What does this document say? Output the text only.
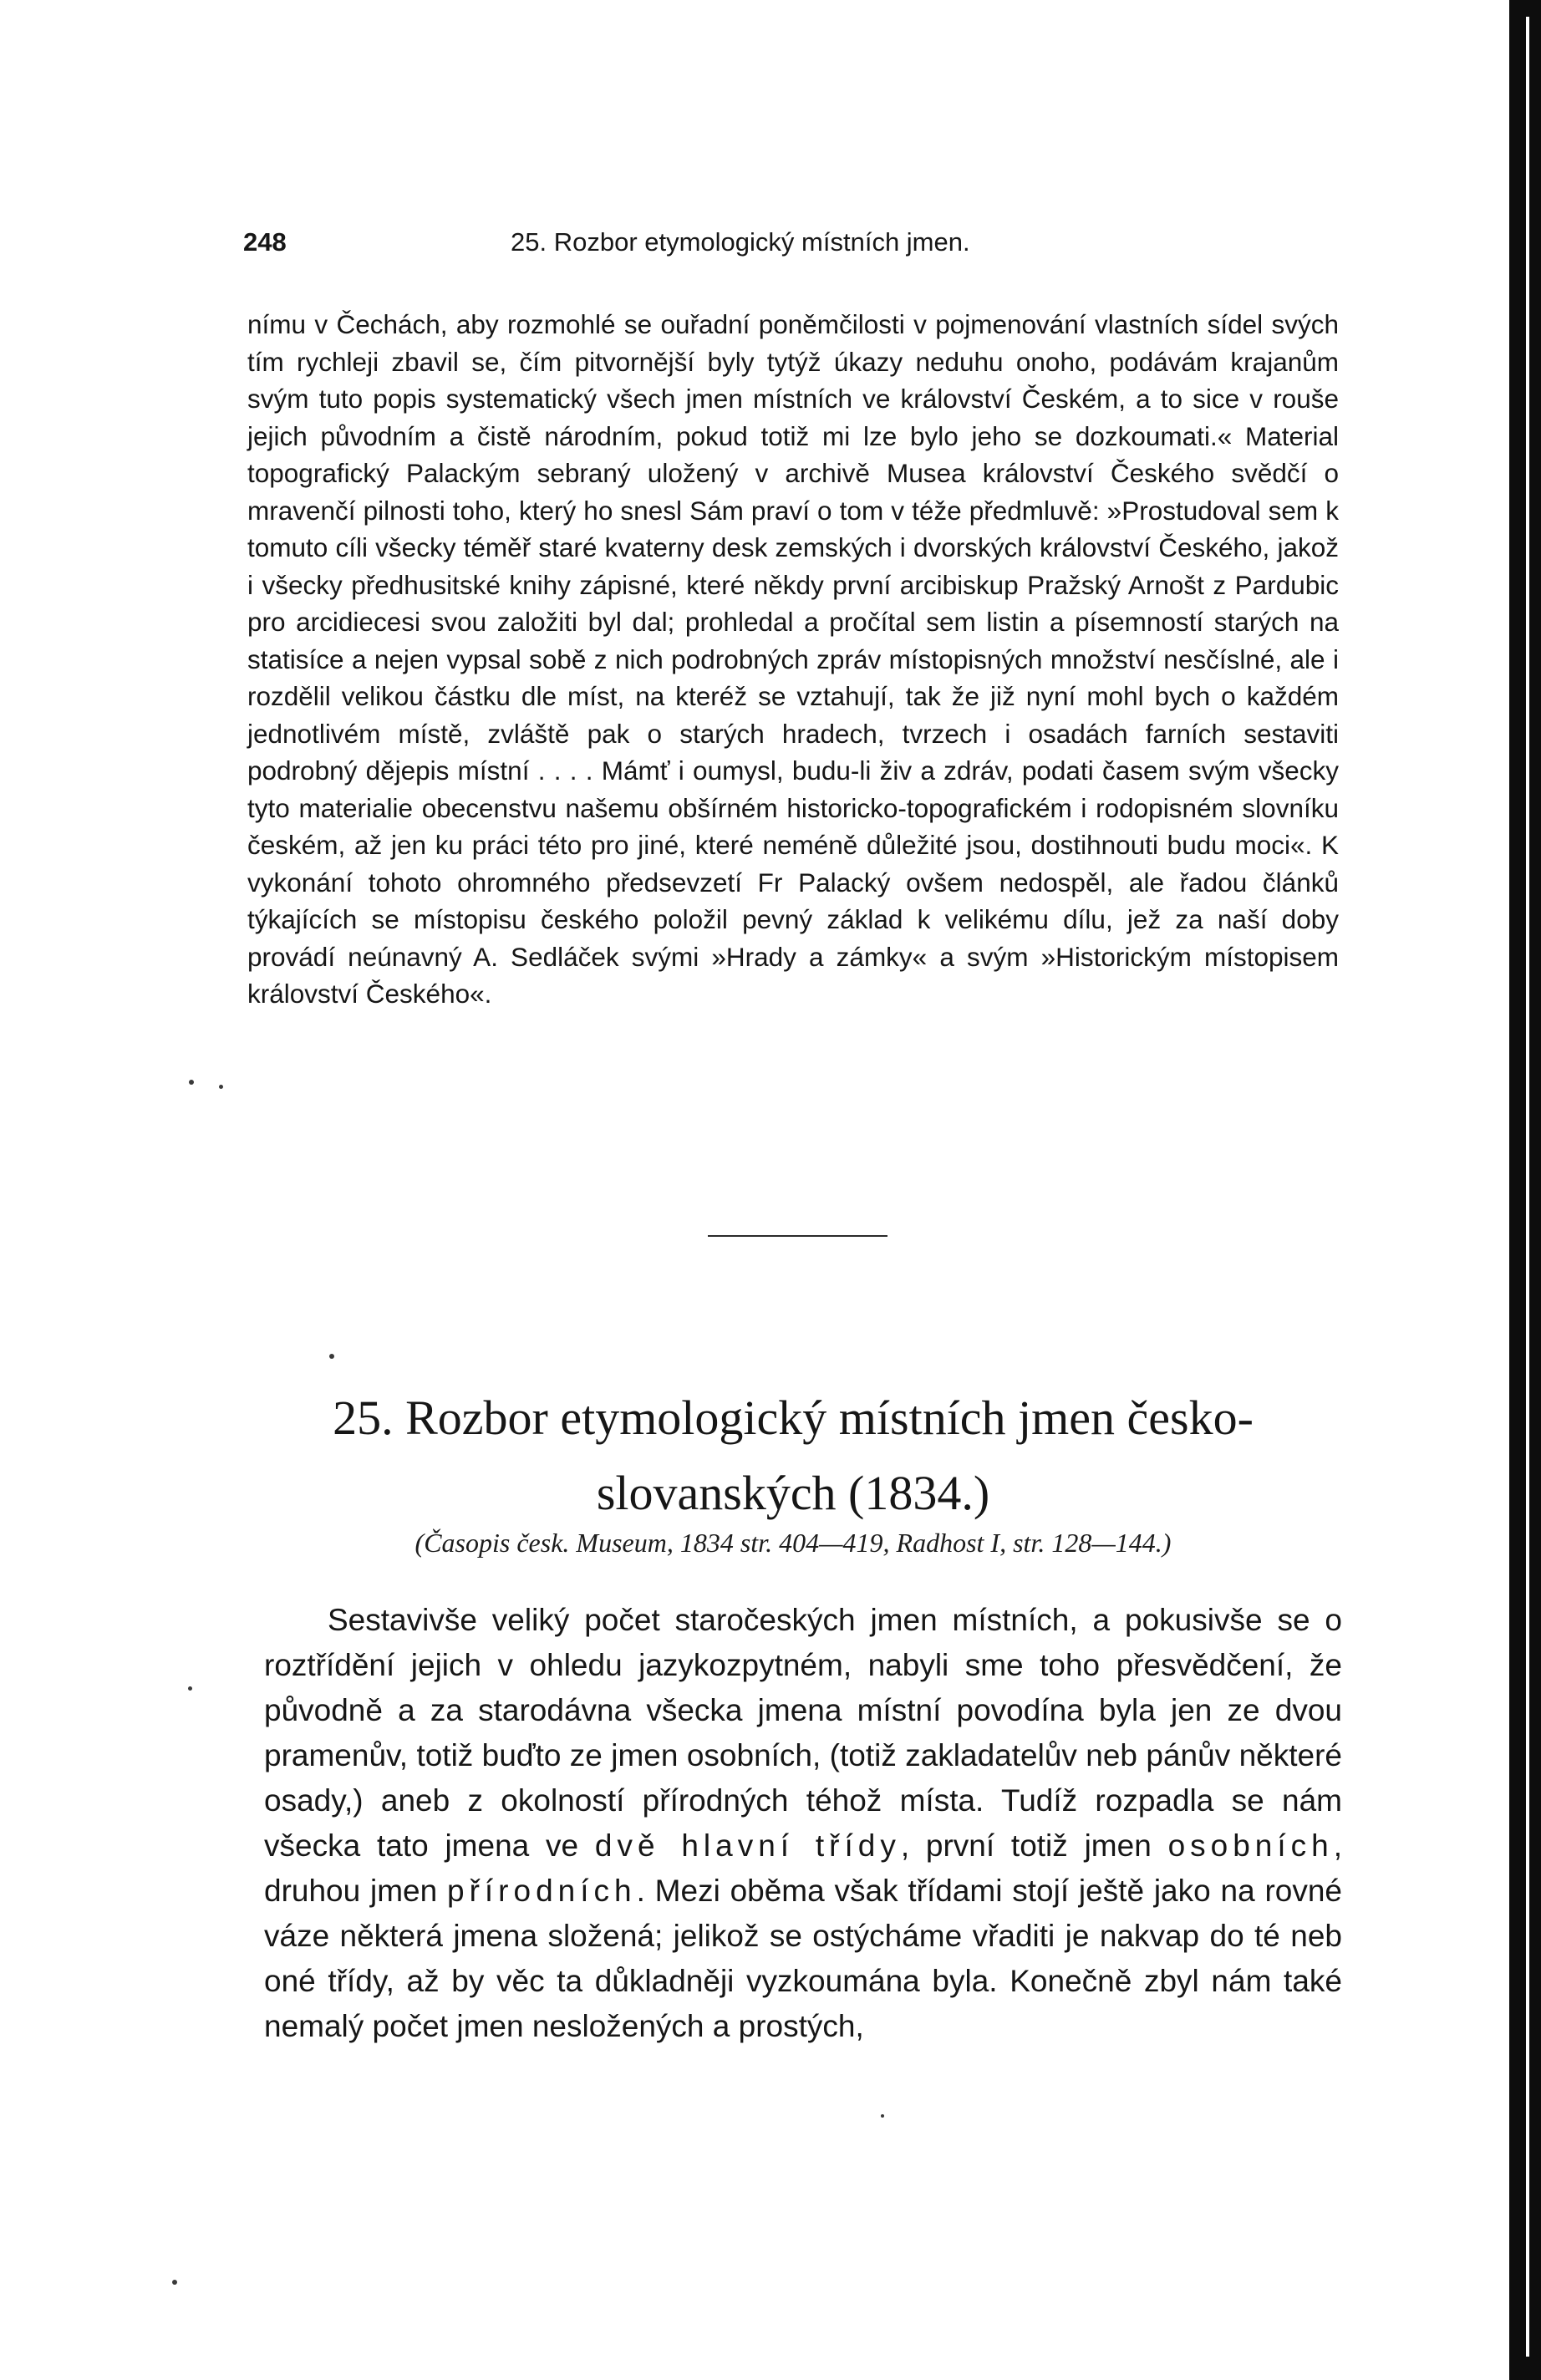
248	25. Rozbor etymologický místních jmen.

nímu v Čechách, aby rozmohlé se ouřadní poněmčilosti v pojmenování vlastních sídel svých tím rychleji zbavil se, čím pitvornější byly tytýž úkazy neduhu onoho, podávám krajanům svým tuto popis systematický všech jmen místních ve království Českém, a to sice v rouše jejich původním a čistě národním, pokud totiž mi lze bylo jeho se dozkoumati.« Material topografický Palackým sebraný uložený v archivě Musea království Českého svědčí o mravenčí pilnosti toho, který ho snesl Sám praví o tom v téže předmluvě: »Prostudoval sem k tomuto cíli všecky téměř staré kvaterny desk zemských i dvorských království Českého, jakož i všecky předhusitské knihy zápisné, které někdy první arcibiskup Pražský Arnošt z Pardubic pro arcidiecesi svou založiti byl dal; prohledal a pročítal sem listin a písemností starých na statisíce a nejen vypsal sobě z nich podrobných zpráv místopisných množství nesčíslné, ale i rozdělil velikou částku dle míst, na kteréž se vztahují, tak že již nyní mohl bych o každém jednotlivém místě, zvláště pak o starých hradech, tvrzech i osadách farních sestaviti podrobný dějepis místní . . . . Mámť i oumysl, budu-li živ a zdráv, podati časem svým všecky tyto materialie obecenstvu našemu obšírném historicko-topografickém i rodopisném slovníku českém, až jen ku práci této pro jiné, které neméně důležité jsou, dostihnouti budu moci«. K vykonání tohoto ohromného předsevzetí Fr Palacký ovšem nedospěl, ale řadou článků týkajících se místopisu českého položil pevný základ k velikému dílu, jež za naší doby provádí neúnavný A. Sedláček svými »Hrady a zámky« a svým »Historickým místopisem království Českého«.

25. Rozbor etymologický místních jmen česko-
slovanských (1834.)

(Časopis česk. Museum, 1834 str. 404—419, Radhost I, str. 128—144.)

Sestavivše veliký počet staročeských jmen místních, a pokusivše se o roztřídění jejich v ohledu jazykozpytném, nabyli sme toho přesvědčení, že původně a za starodávna všecka jmena místní povodína byla jen ze dvou pramenův, totiž buďto ze jmen osobních, (totiž zakladatelův neb pánův některé osady,) aneb z okolností přírodných téhož místa. Tudíž rozpadla se nám všecka tato jmena ve dvě hlavní třídy, první totiž jmen osobních, druhou jmen přírodních. Mezi oběma však třídami stojí ještě jako na rovné váze některá jmena složená; jelikož se ostýcháme vřaditi je nakvap do té neb oné třídy, až by věc ta důkladněji vyzkoumána byla. Konečně zbyl nám také nemalý počet jmen nesložených a prostých,
